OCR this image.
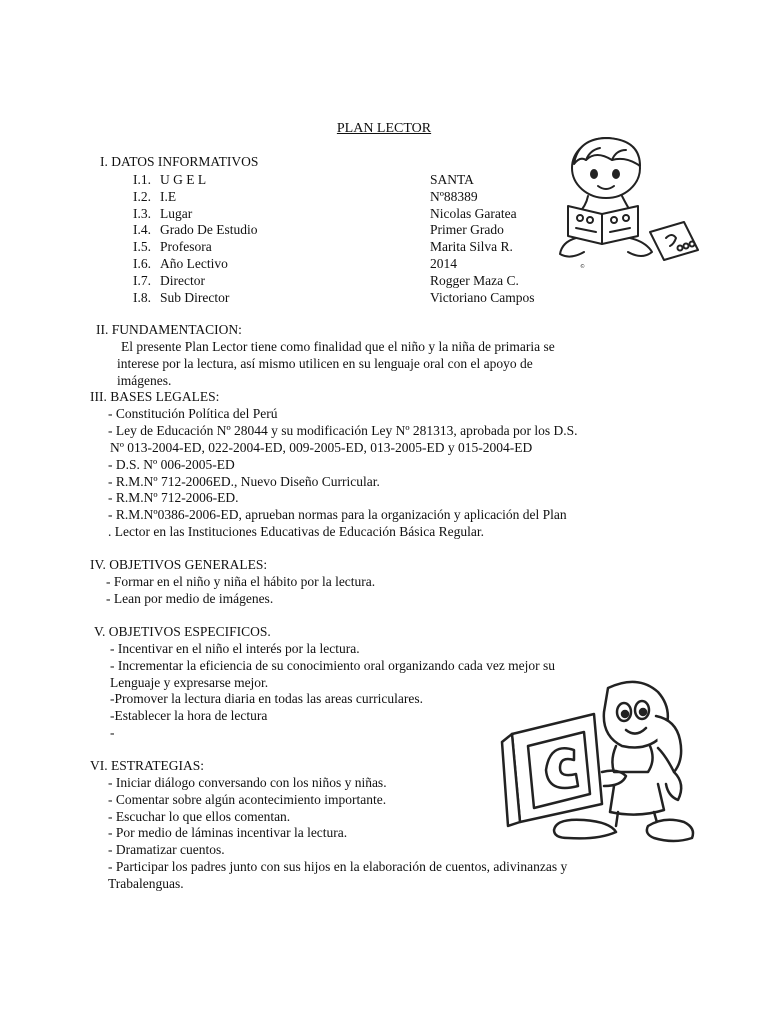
PLAN LECTOR
I. DATOS INFORMATIVOS
I.1. U G E L	SANTA
I.2. I.E	Nº88389
I.3. Lugar	Nicolas Garatea
I.4. Grado De Estudio	Primer Grado
I.5. Profesora	Marita Silva R.
I.6. Año Lectivo	2014
I.7. Director	Rogger Maza C.
I.8. Sub Director	Victoriano Campos
II. FUNDAMENTACION:
El presente Plan Lector tiene como finalidad que el niño y la niña de primaria se
interese por la lectura, así mismo utilicen en su lenguaje oral con el apoyo de
imágenes.
III. BASES LEGALES:
- Constitución Política del Perú
- Ley de Educación Nº 28044 y su modificación Ley Nº 281313, aprobada por los D.S.
Nº 013-2004-ED, 022-2004-ED, 009-2005-ED, 013-2005-ED y 015-2004-ED
- D.S. Nº 006-2005-ED
- R.M.Nº 712-2006ED., Nuevo Diseño Curricular.
- R.M.Nº 712-2006-ED.
- R.M.Nº0386-2006-ED, aprueban normas para la organización y aplicación del Plan
. Lector en las Instituciones Educativas de Educación Básica Regular.
IV. OBJETIVOS GENERALES:
- Formar en el niño y niña el hábito por la lectura.
- Lean por medio de imágenes.
V. OBJETIVOS ESPECIFICOS.
- Incentivar en el niño el interés por la lectura.
- Incrementar la eficiencia de su conocimiento oral organizando cada vez mejor su
Lenguaje y expresarse mejor.
-Promover la lectura diaria en todas las areas curriculares.
-Establecer la hora de lectura
-
VI. ESTRATEGIAS:
- Iniciar diálogo conversando con los niños y niñas.
- Comentar sobre algún acontecimiento importante.
- Escuchar lo que ellos comentan.
- Por medio de láminas incentivar la lectura.
- Dramatizar cuentos.
- Participar los padres junto con sus hijos en la elaboración de cuentos, adivinanzas y
Trabalenguas.
©
